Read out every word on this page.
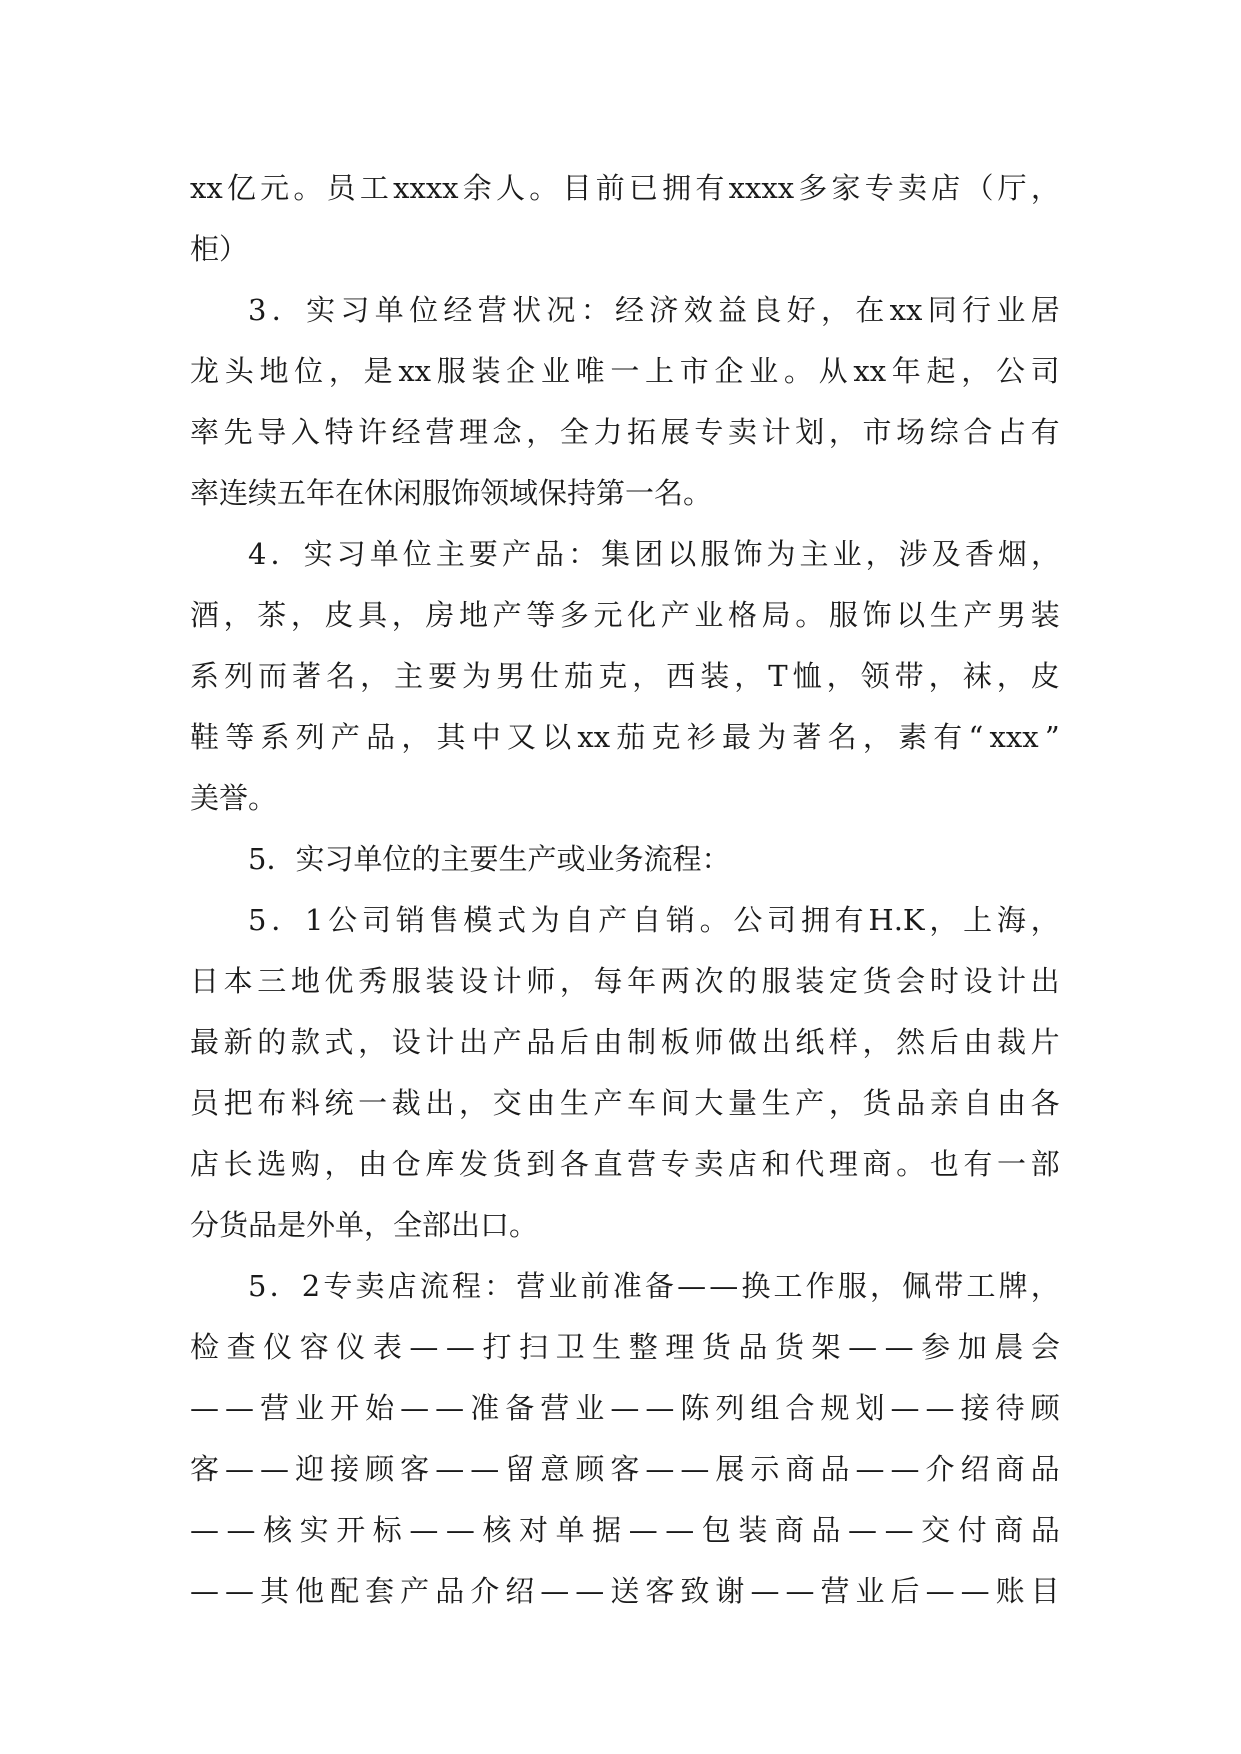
xx 亿 元 。 员 工 xxxx 余 人 。 目 前 已 拥 有 xxxx 多 家 专 卖 店 （ 厅 ，
柜）
3 ． 实 习 单 位 经 营 状 况 ： 经 济 效 益 良 好 ， 在 xx 同 行 业 居
龙 头 地 位 ， 是 xx 服 装 企 业 唯 一 上 市 企 业 。 从 xx 年 起 ， 公 司
率 先 导 入 特 许 经 营 理 念 ， 全 力 拓 展 专 卖 计 划 ， 市 场 综 合 占 有
率连续五年在休闲服饰领域保持第一名。
4 ． 实 习 单 位 主 要 产 品 ： 集 团 以 服 饰 为 主 业 ， 涉 及 香 烟 ，
酒 ， 茶 ， 皮 具 ， 房 地 产 等 多 元 化 产 业 格 局 。 服 饰 以 生 产 男 装
系 列 而 著 名 ， 主 要 为 男 仕 茄 克 ， 西 装 ， T 恤 ， 领 带 ， 袜 ， 皮
鞋 等 系 列 产 品 ， 其 中 又 以 xx 茄 克 衫 最 为 著 名 ， 素 有 “ xxx ”
美誉。
5．实习单位的主要生产或业务流程：
5 ． 1 公 司 销 售 模 式 为 自 产 自 销 。 公 司 拥 有 H.K ， 上 海 ，
日 本 三 地 优 秀 服 装 设 计 师 ， 每 年 两 次 的 服 装 定 货 会 时 设 计 出
最 新 的 款 式 ， 设 计 出 产 品 后 由 制 板 师 做 出 纸 样 ， 然 后 由 裁 片
员 把 布 料 统 一 裁 出 ， 交 由 生 产 车 间 大 量 生 产 ， 货 品 亲 自 由 各
店 长 选 购 ， 由 仓 库 发 货 到 各 直 营 专 卖 店 和 代 理 商 。 也 有 一 部
分货品是外单，全部出口。
5 ． 2 专 卖 店 流 程 ： 营 业 前 准 备 — — 换 工 作 服 ， 佩 带 工 牌 ，
检 查 仪 容 仪 表 — — 打 扫 卫 生 整 理 货 品 货 架 — — 参 加 晨 会
— — 营 业 开 始 — — 准 备 营 业 — — 陈 列 组 合 规 划 — — 接 待 顾
客 — — 迎 接 顾 客 — — 留 意 顾 客 — — 展 示 商 品 — — 介 绍 商 品
— — 核 实 开 标 — — 核 对 单 据 — — 包 装 商 品 — — 交 付 商 品
— — 其 他 配 套 产 品 介 绍 — — 送 客 致 谢 — — 营 业 后 — — 账 目
